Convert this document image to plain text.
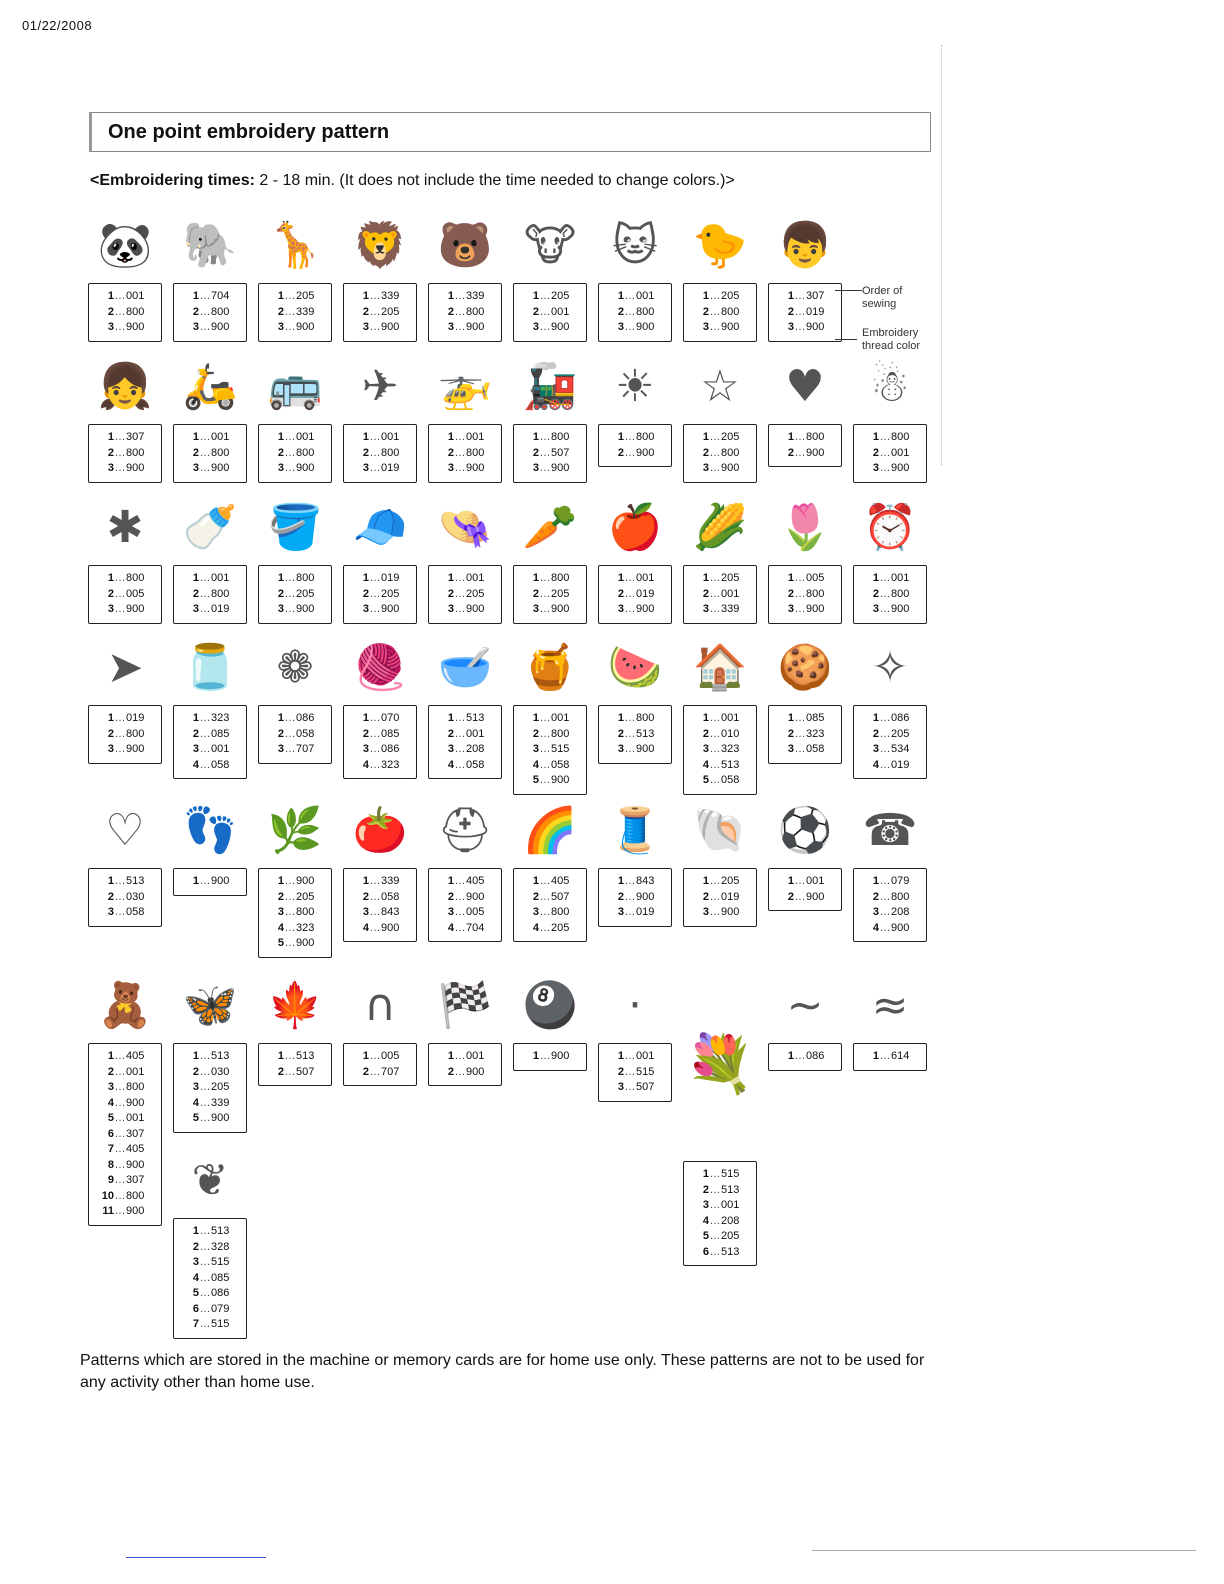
01/22/2008
One point embroidery pattern
<Embroidering times: 2 - 18 min. (It does not include the time needed to change colors.)>
🐼
1 … 001
2 … 800
3 … 900
🐘
1 … 704
2 … 800
3 … 900
🦒
1 … 205
2 … 339
3 … 900
🦁
1 … 339
2 … 205
3 … 900
🐻
1 … 339
2 … 800
3 … 900
🐮
1 … 205
2 … 001
3 … 900
🐱
1 … 001
2 … 800
3 … 900
🐤
1 … 205
2 … 800
3 … 900
👦
1 … 307
2 … 019
3 … 900
👧
1 … 307
2 … 800
3 … 900
🛵
1 … 001
2 … 800
3 … 900
🚌
1 … 001
2 … 800
3 … 900
✈
1 … 001
2 … 800
3 … 019
🚁
1 … 001
2 … 800
3 … 900
🚂
1 … 800
2 … 507
3 … 900
☀
1 … 800
2 … 900
☆
1 … 205
2 … 800
3 … 900
♥
1 … 800
2 … 900
☃
1 … 800
2 … 001
3 … 900
✱
1 … 800
2 … 005
3 … 900
🍼
1 … 001
2 … 800
3 … 019
🪣
1 … 800
2 … 205
3 … 900
🧢
1 … 019
2 … 205
3 … 900
👒
1 … 001
2 … 205
3 … 900
🥕
1 … 800
2 … 205
3 … 900
🍎
1 … 001
2 … 019
3 … 900
🌽
1 … 205
2 … 001
3 … 339
🌷
1 … 005
2 … 800
3 … 900
⏰
1 … 001
2 … 800
3 … 900
➤
1 … 019
2 … 800
3 … 900
🫙
1 … 323
2 … 085
3 … 001
4 … 058
❁
1 … 086
2 … 058
3 … 707
🧶
1 … 070
2 … 085
3 … 086
4 … 323
🥣
1 … 513
2 … 001
3 … 208
4 … 058
🍯
1 … 001
2 … 800
3 … 515
4 … 058
5 … 900
🍉
1 … 800
2 … 513
3 … 900
🏠
1 … 001
2 … 010
3 … 323
4 … 513
5 … 058
🍪
1 … 085
2 … 323
3 … 058
✧
1 … 086
2 … 205
3 … 534
4 … 019
♡
1 … 513
2 … 030
3 … 058
👣
1 … 900
🌿
1 … 900
2 … 205
3 … 800
4 … 323
5 … 900
🍅
1 … 339
2 … 058
3 … 843
4 … 900
⛑
1 … 405
2 … 900
3 … 005
4 … 704
🌈
1 … 405
2 … 507
3 … 800
4 … 205
🧵
1 … 843
2 … 900
3 … 019
🐚
1 … 205
2 … 019
3 … 900
⚽
1 … 001
2 … 900
☎
1 … 079
2 … 800
3 … 208
4 … 900
🧸
1 … 405
2 … 001
3 … 800
4 … 900
5 … 001
6 … 307
7 … 405
8 … 900
9 … 307
10 … 800
11 … 900
🦋
1 … 513
2 … 030
3 … 205
4 … 339
5 … 900
🍁
1 … 513
2 … 507
∩
1 … 005
2 … 707
🏁
1 … 001
2 … 900
🎱
1 … 900
·
1 … 001
2 … 515
3 … 507 💐
1 … 515
2 … 513
3 … 001
4 … 208
5 … 205
6 … 513
∼
1 … 086
≈
1 … 614
❦
1 … 513
2 … 328
3 … 515
4 … 085
5 … 086
6 … 079
7 … 515
Order of sewing
Embroidery thread color
Patterns which are stored in the machine or memory cards are for home use only. These patterns are not to be used for any activity other than home use.
